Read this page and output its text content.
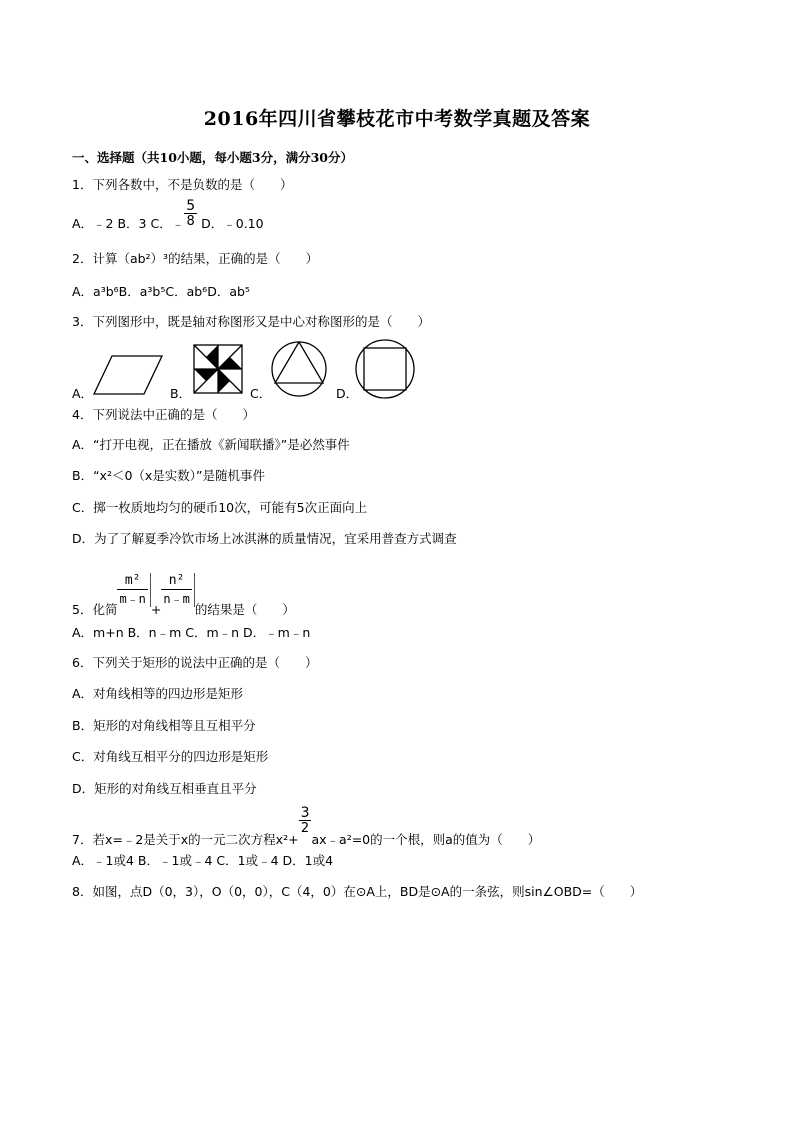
2016年四川省攀枝花市中考数学真题及答案
一、选择题（共10小题，每小题3分，满分30分）
1．下列各数中，不是负数的是（　　）
A．﹣2 B．3 C．﹣ $\frac{5}{8}$ D．﹣0.10
2．计算（ab²）³的结果，正确的是（　　）
A．a³b⁶B．a³b⁵C．ab⁶D．ab⁵
3．下列图形中，既是轴对称图形又是中心对称图形的是（　　）
A．	B．	C．	D．
4．下列说法中正确的是（　　）
A．“打开电视，正在播放《新闻联播》”是必然事件
B．“x²＜0（x是实数）”是随机事件
C．掷一枚质地均匀的硬币10次，可能有5次正面向上
D．为了了解夏季冷饮市场上冰淇淋的质量情况，宜采用普查方式调查
5．化简
$\frac{\text{m²}}{m﹣n}$
+
$\frac{\text{n²}}{n﹣m}$
的结果是（　　）
A．m+n B．n﹣m C．m﹣n D．﹣m﹣n
6．下列关于矩形的说法中正确的是（　　）
A．对角线相等的四边形是矩形
B．矩形的对角线相等且互相平分
C．对角线互相平分的四边形是矩形
D．矩形的对角线互相垂直且平分
7．若x=﹣2是关于x的一元二次方程x²+
$\frac{3}{2}$
ax﹣a²=0的一个根，则a的值为（　　）
A．﹣1或4 B．﹣1或﹣4 C．1或﹣4 D．1或4
8．如图，点D（0，3），O（0，0），C（4，0）在⊙A上，BD是⊙A的一条弦，则sin∠OBD=（　　）
